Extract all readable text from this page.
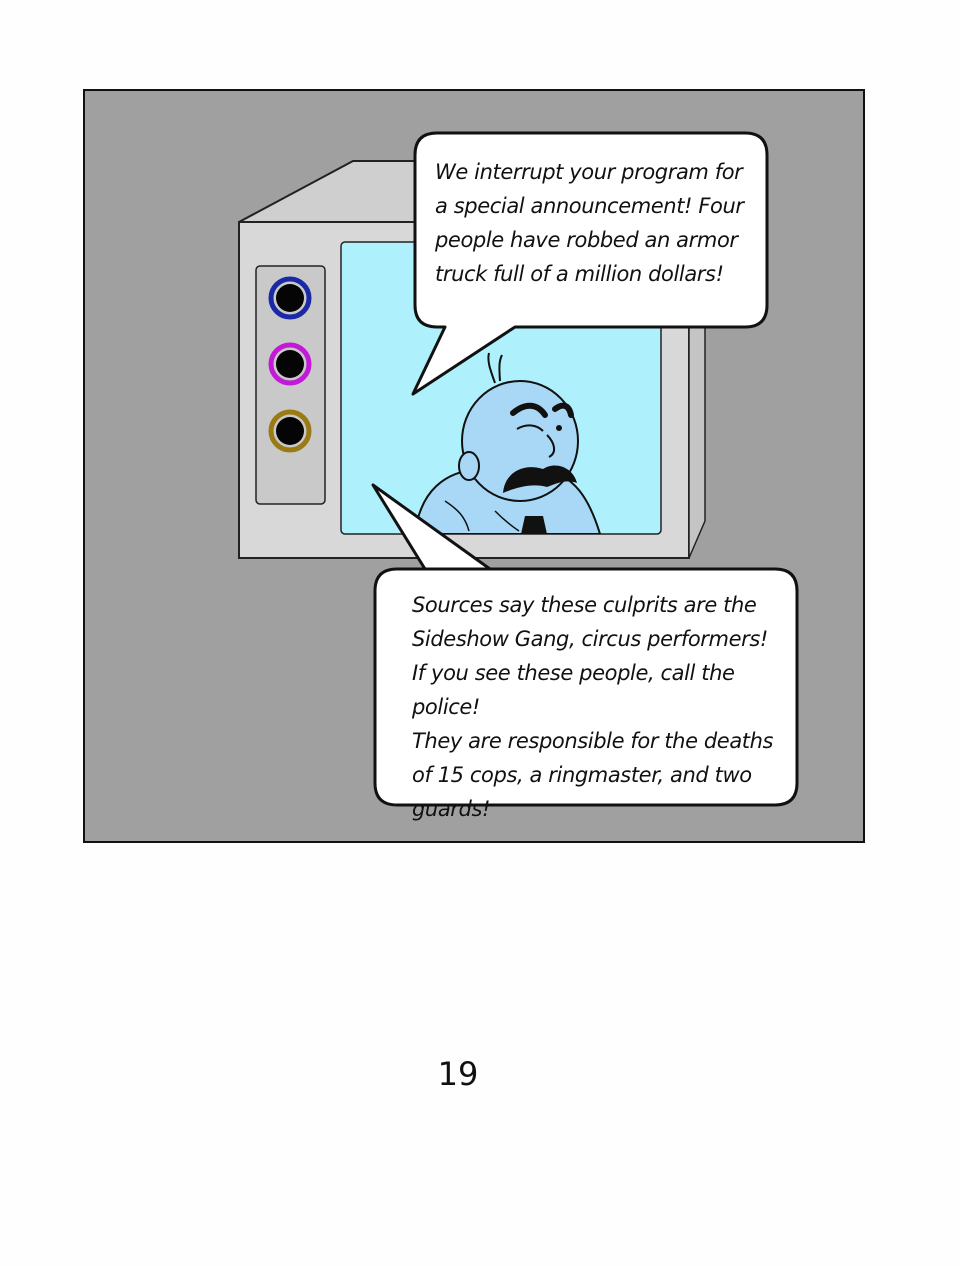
We interrupt your program for
a special announcement! Four
people have robbed an armor
truck full of a million dollars!

Sources say these culprits are the
Sideshow Gang, circus performers!
If you see these people, call the police!
They are responsible for the deaths
of 15 cops, a ringmaster, and two
guards!

19
